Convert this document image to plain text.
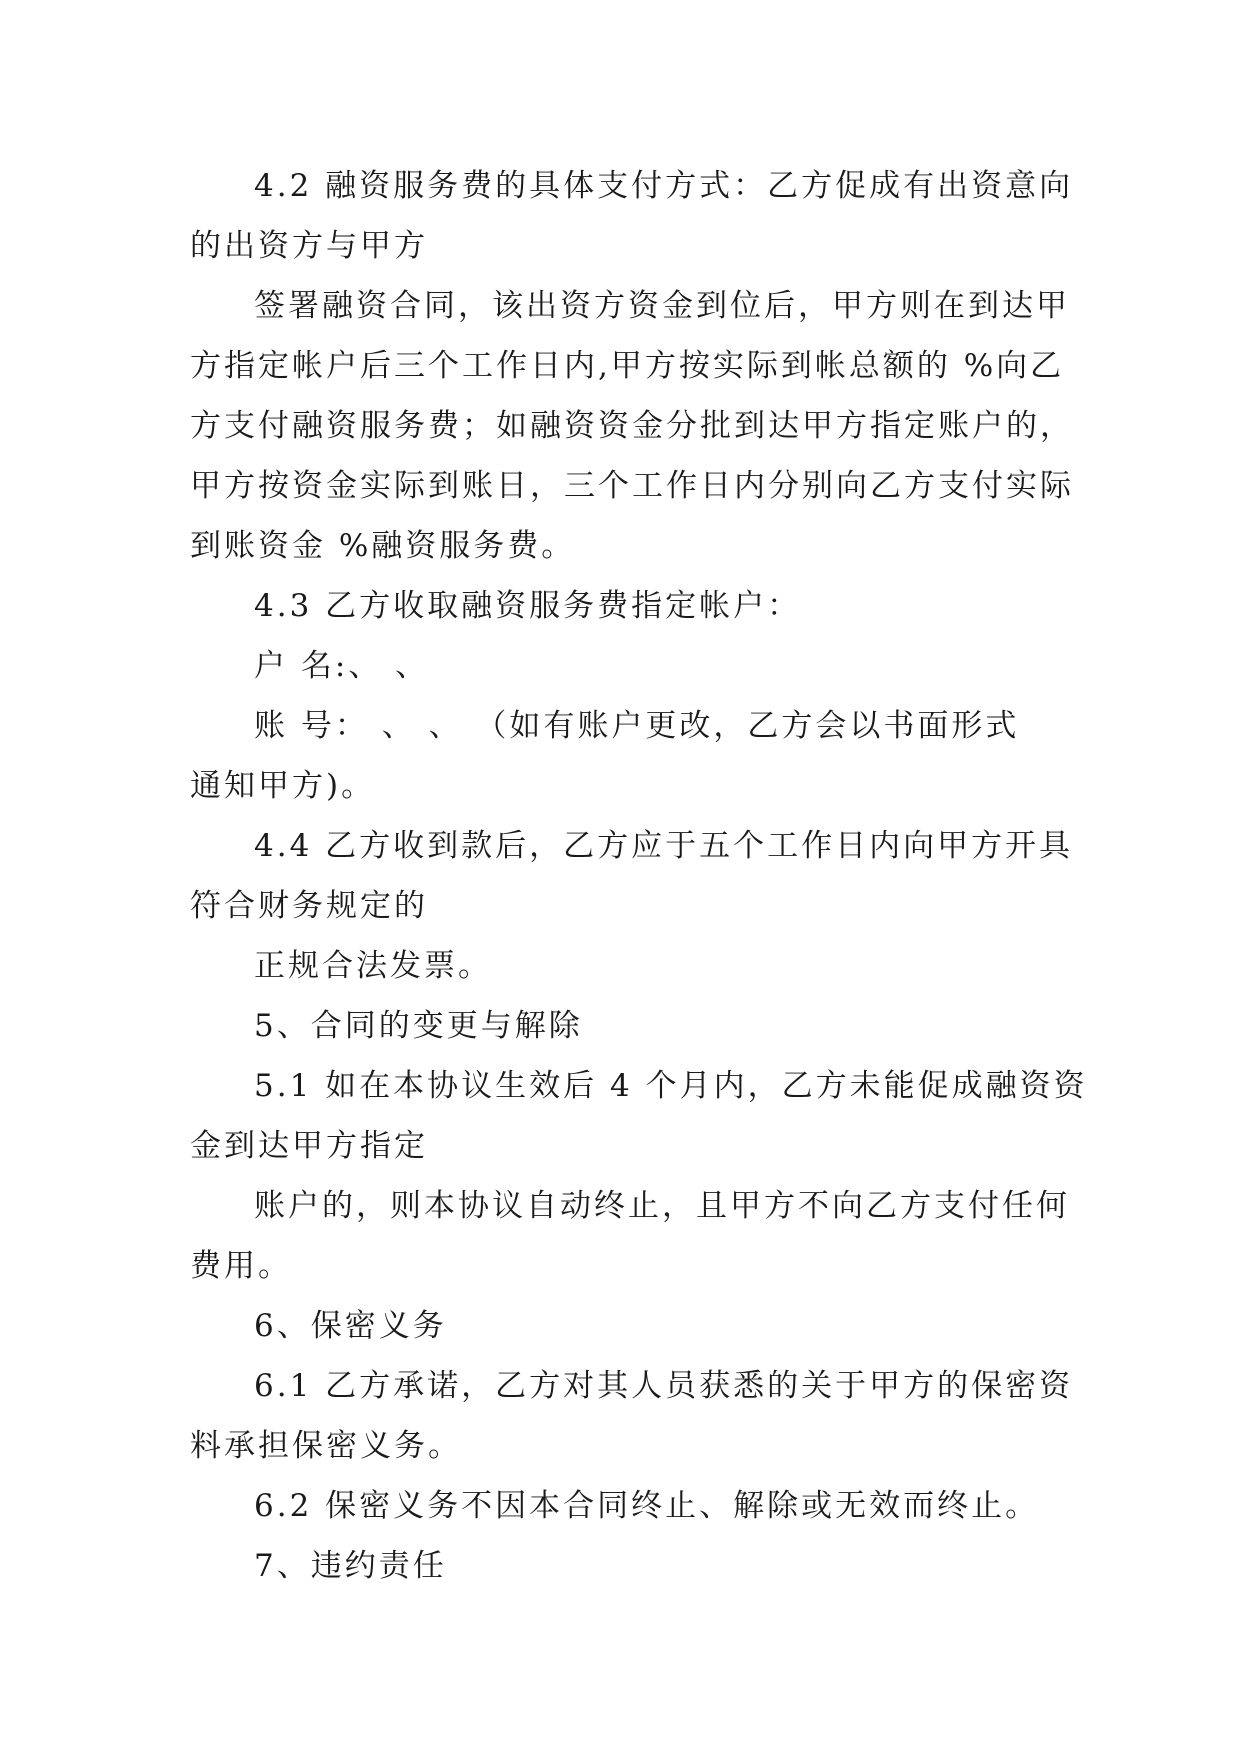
4.2 融资服务费的具体支付方式：乙方促成有出资意向

的出资方与甲方

签署融资合同，该出资方资金到位后，甲方则在到达甲

方指定帐户后三个工作日内,甲方按实际到帐总额的 %向乙

方支付融资服务费；如融资资金分批到达甲方指定账户的，

甲方按资金实际到账日，三个工作日内分别向乙方支付实际

到账资金 %融资服务费。

4.3 乙方收取融资服务费指定帐户：

户 名:、 、

账 号： 、 、 （如有账户更改，乙方会以书面形式

通知甲方)。

4.4 乙方收到款后，乙方应于五个工作日内向甲方开具

符合财务规定的

正规合法发票。

5、合同的变更与解除

5.1 如在本协议生效后 4 个月内，乙方未能促成融资资

金到达甲方指定

账户的，则本协议自动终止，且甲方不向乙方支付任何

费用。

6、保密义务

6.1 乙方承诺，乙方对其人员获悉的关于甲方的保密资

料承担保密义务。

6.2 保密义务不因本合同终止、解除或无效而终止。

7、违约责任
